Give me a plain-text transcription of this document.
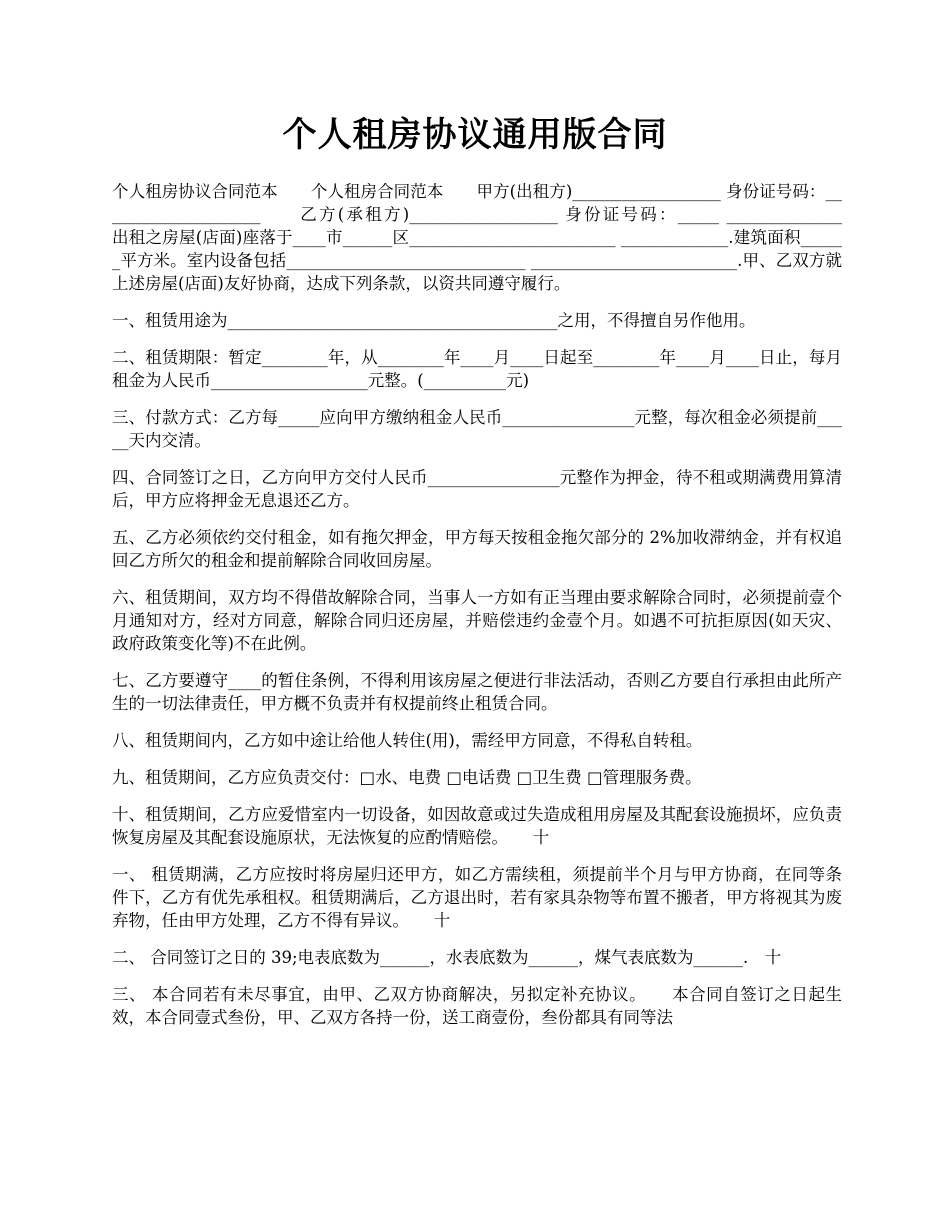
个人租房协议通用版合同

个人租房协议合同范本　　个人租房合同范本　　甲方(出租方)__________________ 身份证号码：____________________　　乙方(承租方)__________________ 身份证号码：_____ ______________　　出租之房屋(店面)座落于____市______区_________________________ _____________.建筑面积______平方米。室内设备包括_____________________________ _________________________.甲、乙双方就上述房屋(店面)友好协商，达成下列条款，以资共同遵守履行。

一、租赁用途为________________________________________之用，不得擅自另作他用。

二、租赁期限：暂定________年，从________年____月____日起至________年____月____日止，每月租金为人民币___________________元整。(__________元)

三、付款方式：乙方每_____应向甲方缴纳租金人民币________________元整，每次租金必须提前_____天内交清。

四、合同签订之日，乙方向甲方交付人民币________________元整作为押金，待不租或期满费用算清后，甲方应将押金无息退还乙方。

五、乙方必须依约交付租金，如有拖欠押金，甲方每天按租金拖欠部分的 2%加收滞纳金，并有权追回乙方所欠的租金和提前解除合同收回房屋。

六、租赁期间，双方均不得借故解除合同，当事人一方如有正当理由要求解除合同时，必须提前壹个月通知对方，经对方同意，解除合同归还房屋，并赔偿违约金壹个月。如遇不可抗拒原因(如天灾、政府政策变化等)不在此例。

七、乙方要遵守____的暂住条例，不得利用该房屋之便进行非法活动，否则乙方要自行承担由此所产生的一切法律责任，甲方概不负责并有权提前终止租赁合同。

八、租赁期间内，乙方如中途让给他人转住(用)，需经甲方同意，不得私自转租。

九、租赁期间，乙方应负责交付：□水、电费 □电话费 □卫生费 □管理服务费。

十、租赁期间，乙方应爱惜室内一切设备，如因故意或过失造成租用房屋及其配套设施损坏，应负责恢复房屋及其配套设施原状，无法恢复的应酌情赔偿。　　十

一、 租赁期满，乙方应按时将房屋归还甲方，如乙方需续租，须提前半个月与甲方协商，在同等条件下，乙方有优先承租权。租赁期满后，乙方退出时，若有家具杂物等布置不搬者，甲方将视其为废弃物，任由甲方处理，乙方不得有异议。　　十

二、 合同签订之日的 39;电表底数为______，水表底数为______，煤气表底数为______.　十

三、 本合同若有未尽事宜，由甲、乙双方协商解决，另拟定补充协议。　　本合同自签订之日起生效，本合同壹式叁份，甲、乙双方各持一份，送工商壹份，叁份都具有同等法
